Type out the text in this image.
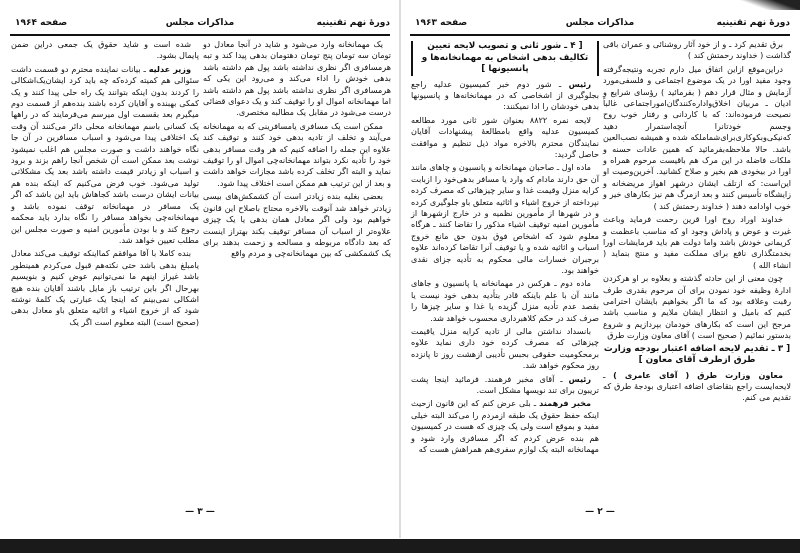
دورهٔ نهم تقنینیه
مذاکرات مجلس
صفحه ۱۹۶۴

یک مهمانخانه وارد می‌شود و شاید در آنجا معادل دو تومان سه تومان پنج تومان دهتومان بدهی پیدا کند و تبه هرمسافری اگر نظری نداشته باشد پول هم داشته باشد بدهی خودش را اداء می‌کند و می‌رود این یکی که هرمسافری اگر نظری نداشته باشد پول هم داشته باشد اما مهمانخانه اموال او را توقیف کند و یک دعوای قضائی درست می‌شود در مقابل یک مطالبه مختصری.

ممکن است یک مسافری یامسافرینی که به مهمانخانه می‌آیند و تخلف از تادیه بدهی خود کنند و توقیف کند علاوه این جمله را اضافه کنیم که هر وقت مسافر بدهی خود را تأدیه نکرد بتواند مهمانخانه‌چی اموال او را توقیف نماید و البته اگر تخلف کرده باشد مجازات خواهد داشت و بعد از این ترتیب هم ممکن است اختلاف پیدا شود.

بعضی بغلیه بنده زیادتر است آن کشمکش‌های بیسی زیادتر خواهد شد آنوقت بالاخره محتاج باصلاح این قانون خواهیم بود ولی اگر معادل همان بدهی یا یک چیزی علاوه‌تر از اسباب آن مسافر توقیف بکند بهتراز اینست که بعد دادگاه مربوطه و مسالحه و زحمت بدهند برای یک کشمکشی که بین مهمانخانه‌چی و مردم واقع

شده است و شاید حقوق یک جمعی دراین ضمن پایمال بشود.

وزیر عدلیه ـ بیانات نماینده محترم دو قسمت داشت سئوالی هم کمیته کرده‌که چه باید کرد ایشان‌یک‌اشکالی را کردند بدون اینکه بتوانند یک راه حلی پیدا کنند و یک کمکی بهبنده و آقایان کرده باشند بنده‌هم از قسمت دوم میگیرم بعد بقسمت اول میرسم می‌فرمایند که در راهها یک کسانی باسم مهمانخانه محلی دائر می‌کنند آن وقت یک اختلافی پیدا می‌شود و اسباب مسافرین در آن جا نگاه خواهند داشت و صورت مجلس هم اغلب نمیشود نوشت بعد ممکن است آن شخص آنجا راهم بزند و برود و اسباب او زیادتر قیمت داشته باشد بعد یک مشکلاتی تولید می‌شود. خوب فرض می‌کنیم که اینکه بنده هم بیانات ایشان درست باشد کجاهاش باید این باشد که اگر یک مسافر در مهمانخانه توقف نموده باشد و مهمانخانه‌چی بخواهد مسافر را نگاه بدارد باید محکمه رجوع کند و با بودن مأمورین امنیه و صورت مجلس این مطلب تعیین خواهد شد.

بنده کاملا با آقا موافقم کمااینکه توقیف می‌کند معادل یامبلغ بدهی باشد حتی نکته‌هم قبول می‌کردم همینطور باشد غیراز اینهم ما نمی‌توانیم عوض کنیم و بنویسیم بهرحال اگر باین ترتیب باز مایل باشند آقایان بنده هیچ اشکالی نمی‌بینم که اینجا یک عبارتی یک کلمهٔ نوشته شود که از خروج اشیاء و اثاثیه متعلق باو معادل بدهی (صحیح است) البته معلوم است اگر یک

— ۳ —
دورهٔ نهم تقنینیه
مذاکرات مجلس
صفحه ۱۹۶۳

برق تقدیم کرد ـ و از خود آثار روشنائی و عمران باقی گذاشت ( خداوند رحمتش کند )

دراین‌موقع ازاین اتفاق میل دارم تجربه ونتیجه‌گرفته وجود مفید اورا در یک موضوع اجتماعی و فلسفی‌مورد آزمایش و مثال قرار دهم ( بفرمائید ) رؤسای شرایع و ادیان ـ مربیان اخلاق‌واداره‌کنندگان‌اموراجتماعی غالباً نصیحت فرموده‌اند: که با کاردانی و رفتار خوب روح وجسم خودتانرا آنچه‌استمرار دهید که‌نیکی‌وبکوکاری‌برای‌شماملکه شده و همیشه نصب‌العین باشد. حالا ملاحظه‌بفرمائید که همین عادات حسنه و ملکات فاضله در این مرک هم باقیست مرحوم همراه و اورا در بیخودی هم بخیر و صلاح کشانید. آخرین‌وصیت او این‌است: که ازتلف ایشان درشهر اهواز مریضخانه و زایشگاه تأسیس کنند و بعد ازمرگ هم نیز بکارهای خیر و خوب اوادامه دهند ( خداوند رحمتش کند )

خداوند اوراد روح اورا قرین رحمت فرماید وباعث غیرت و عوض و پاداش وجود او که مناسب باعظمت و کریمانی خودش باشد واما دولت هم باید فرمایشات اورا بخدمتگذاری نافع برای مملکت مفید و منتج بنماید ( انشاء الله )

چون معنی از این حادثه گذشته و بعلاوه بر او هرکردن ادارهٔ وظیفه خود نمودن برای آن مرحوم بقدری طرف رقبت وعلاقه بود که ما اگر بخواهیم بایشان احترامی کنیم که بامیل و انتظار ایشان ملایم و مناسب باشد مرجح این است که بکارهای خودمان بپردازیم و شروع بدستور نمائیم ( صحیح است ) آقای معاون وزارت طرق

[ ۳ ـ تقدیم لایحه اضافه اعتبار بودجه وزارت طرق ازطرف آقای معاون ]

معاون وزارت طرق ( آقای عامری ) ـ لایحه‌ایست راجع بتقاضای اضافه اعتباری بودجهٔ طرق که تقدیم می کنم.

[ ۴ ـ شور ثانی و تصویب لایحه تعیین تکالیف بدهی اشخاص به مهمانخانه‌ها و پانسیونها ]

رئیس ـ شور دوم خبر کمیسیون عدلیه راجع بجلوگیری از اشخاصی که در مهمانخانه‌ها و پانسیونها بدهی خودشان را ادا نمیکنند:

لایحه نمره ۸۸۲۲ بعنوان شور ثانی مورد مطالعه کمیسیون عدلیه واقع بامطالعهٔ پیشنهادات آقایان نمایندگان محترم بالاخره مواد ذیل تنظیم و موافقت حاصل گردید:

ماده اول ـ صاحبان مهمانخانه و پانسیون و چاهای مانند آن حق دارند مادام که وارد یا مسافر بدهی‌خود را ازبابت کرایه منزل وقیمت غذا و سایر چیزهائی که مصرف کرده نپرداخته از خروج اشیاء و اثاثیه متعلق باو جلوگیری کرده و در شهرها از مأمورین نظمیه و در خارج ازشهرها از مأمورین امنیه توقیف اشیاء مذکور را تقاضا کنند ـ هرگاه معلوم شود که اشخاص فوق بدون حق مانع خروج اسباب و اثاثیه شده و یا توقیف آنرا تقاضا کرده‌اند علاوه برجبران خسارات مالی محکوم به تأدیه جزای نقدی خواهند بود.

ماده دوم ـ هرکس در مهمانخانه یا پانسیون و جاهای مانند آن با علم باینکه قادر بتأدیه بدهی خود نیست یا بقصد عدم تأدیه منزل گزیده یا غذا و سایر چیزها را صرف کند در حکم کلاهبرداری محسوب خواهد شد.

بانسداد نداشتن مالی از تادیه کرایه منزل یاقیمت چیزهائی که مصرف کرده خود داری نماید علاوه برمحکومیت حقوقی بحبس تأدیبی ازهشت روز تا پانزده روز محکوم خواهد شد.

رئیس ـ آقای مخبر فرهمند. فرمائید اینجا پشت تریبون برای تند نویسها مشکل است.

مخبر فرهمند ـ بلی عرض کنم که این قانون ازحیث اینکه حفظ حقوق یک طبقه ازمردم را می‌کند البته خیلی مفید و بموقع است ولی یک چیزی که هست در کمیسیون هم بنده عرض کردم که اگر مسافری وارد شود و مهمانخانه البته یک لوازم سفری‌هم همراهش هست که

— ۲ —
